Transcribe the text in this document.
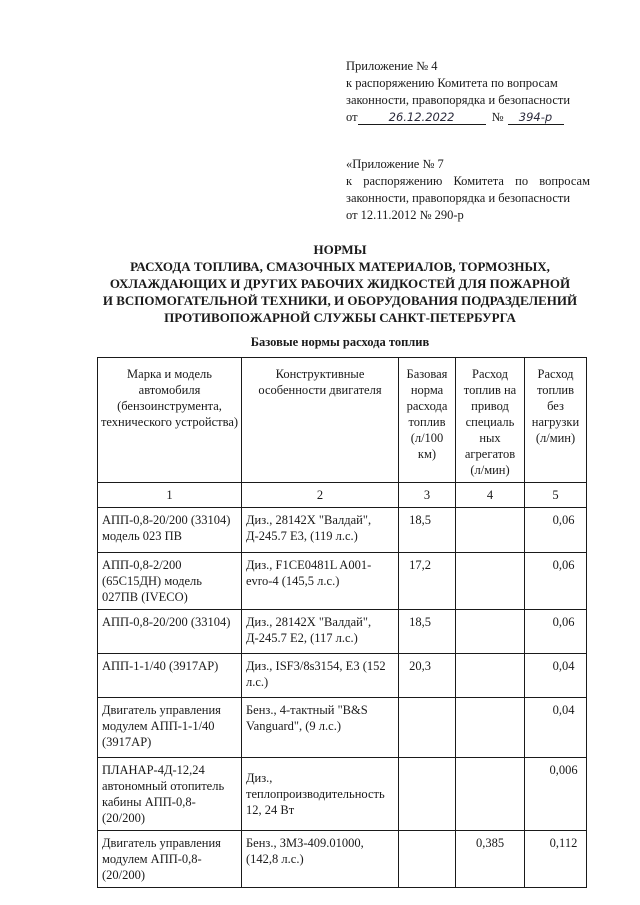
Приложение № 4
к распоряжению Комитета по вопросам
законности, правопорядка и безопасности
от	26.12.2022	№	394-р
«Приложение № 7
к распоряжению Комитета по вопросам
законности, правопорядка и безопасности
от 12.11.2012 № 290-р
НОРМЫ
РАСХОДА ТОПЛИВА, СМАЗОЧНЫХ МАТЕРИАЛОВ, ТОРМОЗНЫХ,
ОХЛАЖДАЮЩИХ И ДРУГИХ РАБОЧИХ ЖИДКОСТЕЙ ДЛЯ ПОЖАРНОЙ
И ВСПОМОГАТЕЛЬНОЙ ТЕХНИКИ, И ОБОРУДОВАНИЯ ПОДРАЗДЕЛЕНИЙ
ПРОТИВОПОЖАРНОЙ СЛУЖБЫ САНКТ-ПЕТЕРБУРГА
Базовые нормы расхода топлив
Марка и модель автомобиля (бензоинструмента, технического устройства)	Конструктивные особенности двигателя	Базовая норма расхода топлив (л/100 км)	Расход топлив на привод специаль ных агрегатов (л/мин)	Расход топлив без нагрузки (л/мин)
1	2	3	4	5
АПП-0,8-20/200 (33104) модель 023 ПВ	Диз., 28142Х "Валдай", Д-245.7 Е3, (119 л.с.)	18,5		0,06
АПП-0,8-2/200 (65С15ДН) модель 027ПВ (IVECO)	Диз., F1CE0481L A001-evro-4 (145,5 л.с.)	17,2		0,06
АПП-0,8-20/200 (33104)	Диз., 28142Х "Валдай", Д-245.7 Е2, (117 л.с.)	18,5		0,06
АПП-1-1/40 (3917АР)	Диз., ISF3/8s3154, Е3 (152 л.с.)	20,3		0,04
Двигатель управления модулем АПП-1-1/40 (3917АР)	Бенз., 4-тактный "B&S Vanguard", (9 л.с.)			0,04
ПЛАНАР-4Д-12,24 автономный отопитель кабины АПП-0,8-(20/200)	Диз., теплопроизводительность 12, 24 Вт			0,006
Двигатель управления модулем АПП-0,8-(20/200)	Бенз., ЗМЗ-409.01000, (142,8 л.с.)		0,385	0,112
